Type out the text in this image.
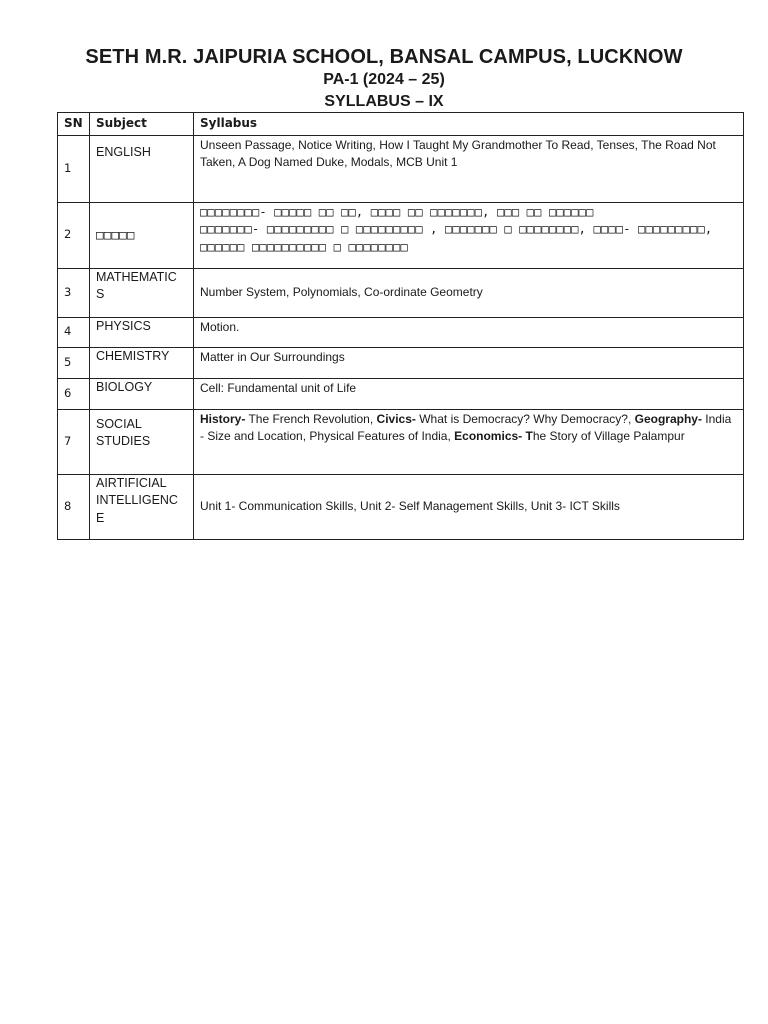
SETH M.R. JAIPURIA SCHOOL, BANSAL CAMPUS, LUCKNOW
PA-1 (2024 – 25)
SYLLABUS – IX
SN	Subject	Syllabus
1	ENGLISH	Unseen Passage, Notice Writing, How I Taught My Grandmother To Read, Tenses, The Road Not Taken, A Dog Named Duke, Modals, MCB Unit 1
2	□□□□□	□□□□□□□□- □□□□□ □□ □□, □□□□ □□ □□□□□□□, □□□ □□ □□□□□□
□□□□□□□- □□□□□□□□□ □ □□□□□□□□□ , □□□□□□□ □ □□□□□□□□, □□□□- □□□□□□□□□, □□□□□□ □□□□□□□□□□ □ □□□□□□□□

3	MATHEMATIC S	Number System, Polynomials, Co-ordinate Geometry
4	PHYSICS	Motion.
5	CHEMISTRY	Matter in Our Surroundings
6	BIOLOGY	Cell: Fundamental unit of Life
7	SOCIAL STUDIES	History- The French Revolution, Civics- What is Democracy? Why Democracy?, Geography- India - Size and Location, Physical Features of India, Economics- The Story of Village Palampur
8	AIRTIFICIAL INTELLIGENC E	Unit 1- Communication Skills, Unit 2- Self Management Skills, Unit 3- ICT Skills
